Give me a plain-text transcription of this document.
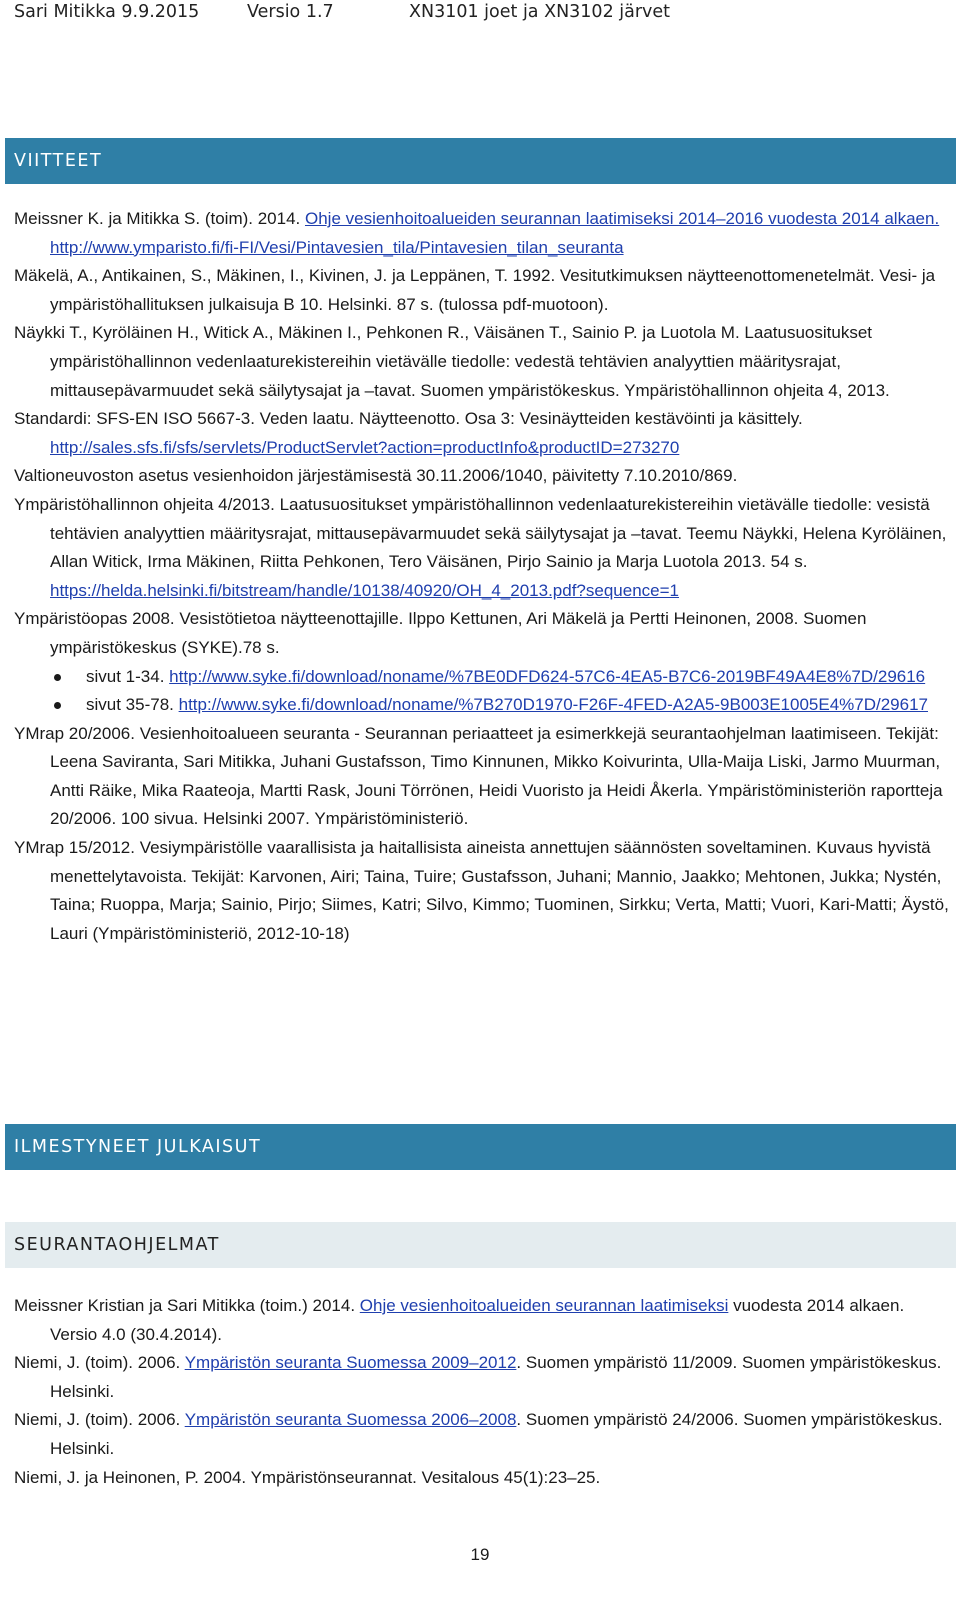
Sari Mitikka 9.9.2015	Versio 1.7	XN3101 joet ja XN3102 järvet
VIITTEET

Meissner K. ja Mitikka S. (toim). 2014. Ohje vesienhoitoalueiden seurannan laatimiseksi 2014–2016 vuodesta 2014 alkaen. http://www.ymparisto.fi/fi-FI/Vesi/Pintavesien_tila/Pintavesien_tilan_seuranta

Mäkelä, A., Antikainen, S., Mäkinen, I., Kivinen, J. ja Leppänen, T. 1992. Vesitutkimuksen näytteenottomenetelmät. Vesi- ja ympäristöhallituksen julkaisuja B 10. Helsinki. 87 s. (tulossa pdf-muotoon).

Näykki T., Kyröläinen H., Witick A., Mäkinen I., Pehkonen R., Väisänen T., Sainio P. ja Luotola M. Laatusuositukset ympäristöhallinnon vedenlaaturekistereihin vietävälle tiedolle: vedestä tehtävien analyyttien määritysrajat, mittausepävarmuudet sekä säilytysajat ja –tavat. Suomen ympäristökeskus. Ympäristöhallinnon ohjeita 4, 2013.

Standardi: SFS-EN ISO 5667-3. Veden laatu. Näytteenotto. Osa 3: Vesinäytteiden kestävöinti ja käsittely. http://sales.sfs.fi/sfs/servlets/ProductServlet?action=productInfo&productID=273270

Valtioneuvoston asetus vesienhoidon järjestämisestä 30.11.2006/1040, päivitetty 7.10.2010/869.

Ympäristöhallinnon ohjeita 4/2013. Laatusuositukset ympäristöhallinnon vedenlaaturekistereihin vietävälle tiedolle: vesistä tehtävien analyyttien määritysrajat, mittausepävarmuudet sekä säilytysajat ja –tavat. Teemu Näykki, Helena Kyröläinen, Allan Witick, Irma Mäkinen, Riitta Pehkonen, Tero Väisänen, Pirjo Sainio ja Marja Luotola 2013. 54 s. https://helda.helsinki.fi/bitstream/handle/10138/40920/OH_4_2013.pdf?sequence=1

Ympäristöopas 2008. Vesistötietoa näytteenottajille. Ilppo Kettunen, Ari Mäkelä ja Pertti Heinonen, 2008. Suomen ympäristökeskus (SYKE).78 s.

sivut 1-34. http://www.syke.fi/download/noname/%7BE0DFD624-57C6-4EA5-B7C6-2019BF49A4E8%7D/29616
sivut 35-78. http://www.syke.fi/download/noname/%7B270D1970-F26F-4FED-A2A5-9B003E1005E4%7D/29617

YMrap 20/2006. Vesienhoitoalueen seuranta - Seurannan periaatteet ja esimerkkejä seurantaohjelman laatimiseen. Tekijät: Leena Saviranta, Sari Mitikka, Juhani Gustafsson, Timo Kinnunen, Mikko Koivurinta, Ulla-Maija Liski, Jarmo Muurman, Antti Räike, Mika Raateoja, Martti Rask, Jouni Törrönen, Heidi Vuoristo ja Heidi Åkerla. Ympäristöministeriön raportteja 20/2006. 100 sivua. Helsinki 2007. Ympäristöministeriö.

YMrap 15/2012. Vesiympäristölle vaarallisista ja haitallisista aineista annettujen säännösten soveltaminen. Kuvaus hyvistä menettelytavoista. Tekijät: Karvonen, Airi; Taina, Tuire; Gustafsson, Juhani; Mannio, Jaakko; Mehtonen, Jukka; Nystén, Taina; Ruoppa, Marja; Sainio, Pirjo; Siimes, Katri; Silvo, Kimmo; Tuominen, Sirkku; Verta, Matti; Vuori, Kari-Matti; Äystö, Lauri (Ympäristöministeriö, 2012-10-18)

ILMESTYNEET JULKAISUT
SEURANTAOHJELMAT

Meissner Kristian ja Sari Mitikka (toim.) 2014. Ohje vesienhoitoalueiden seurannan laatimiseksi vuodesta 2014 alkaen. Versio 4.0 (30.4.2014).

Niemi, J. (toim). 2006. Ympäristön seuranta Suomessa 2009–2012. Suomen ympäristö 11/2009. Suomen ympäristökeskus. Helsinki.

Niemi, J. (toim). 2006. Ympäristön seuranta Suomessa 2006–2008. Suomen ympäristö 24/2006. Suomen ympäristökeskus. Helsinki.

Niemi, J. ja Heinonen, P. 2004. Ympäristönseurannat. Vesitalous 45(1):23–25.

19
